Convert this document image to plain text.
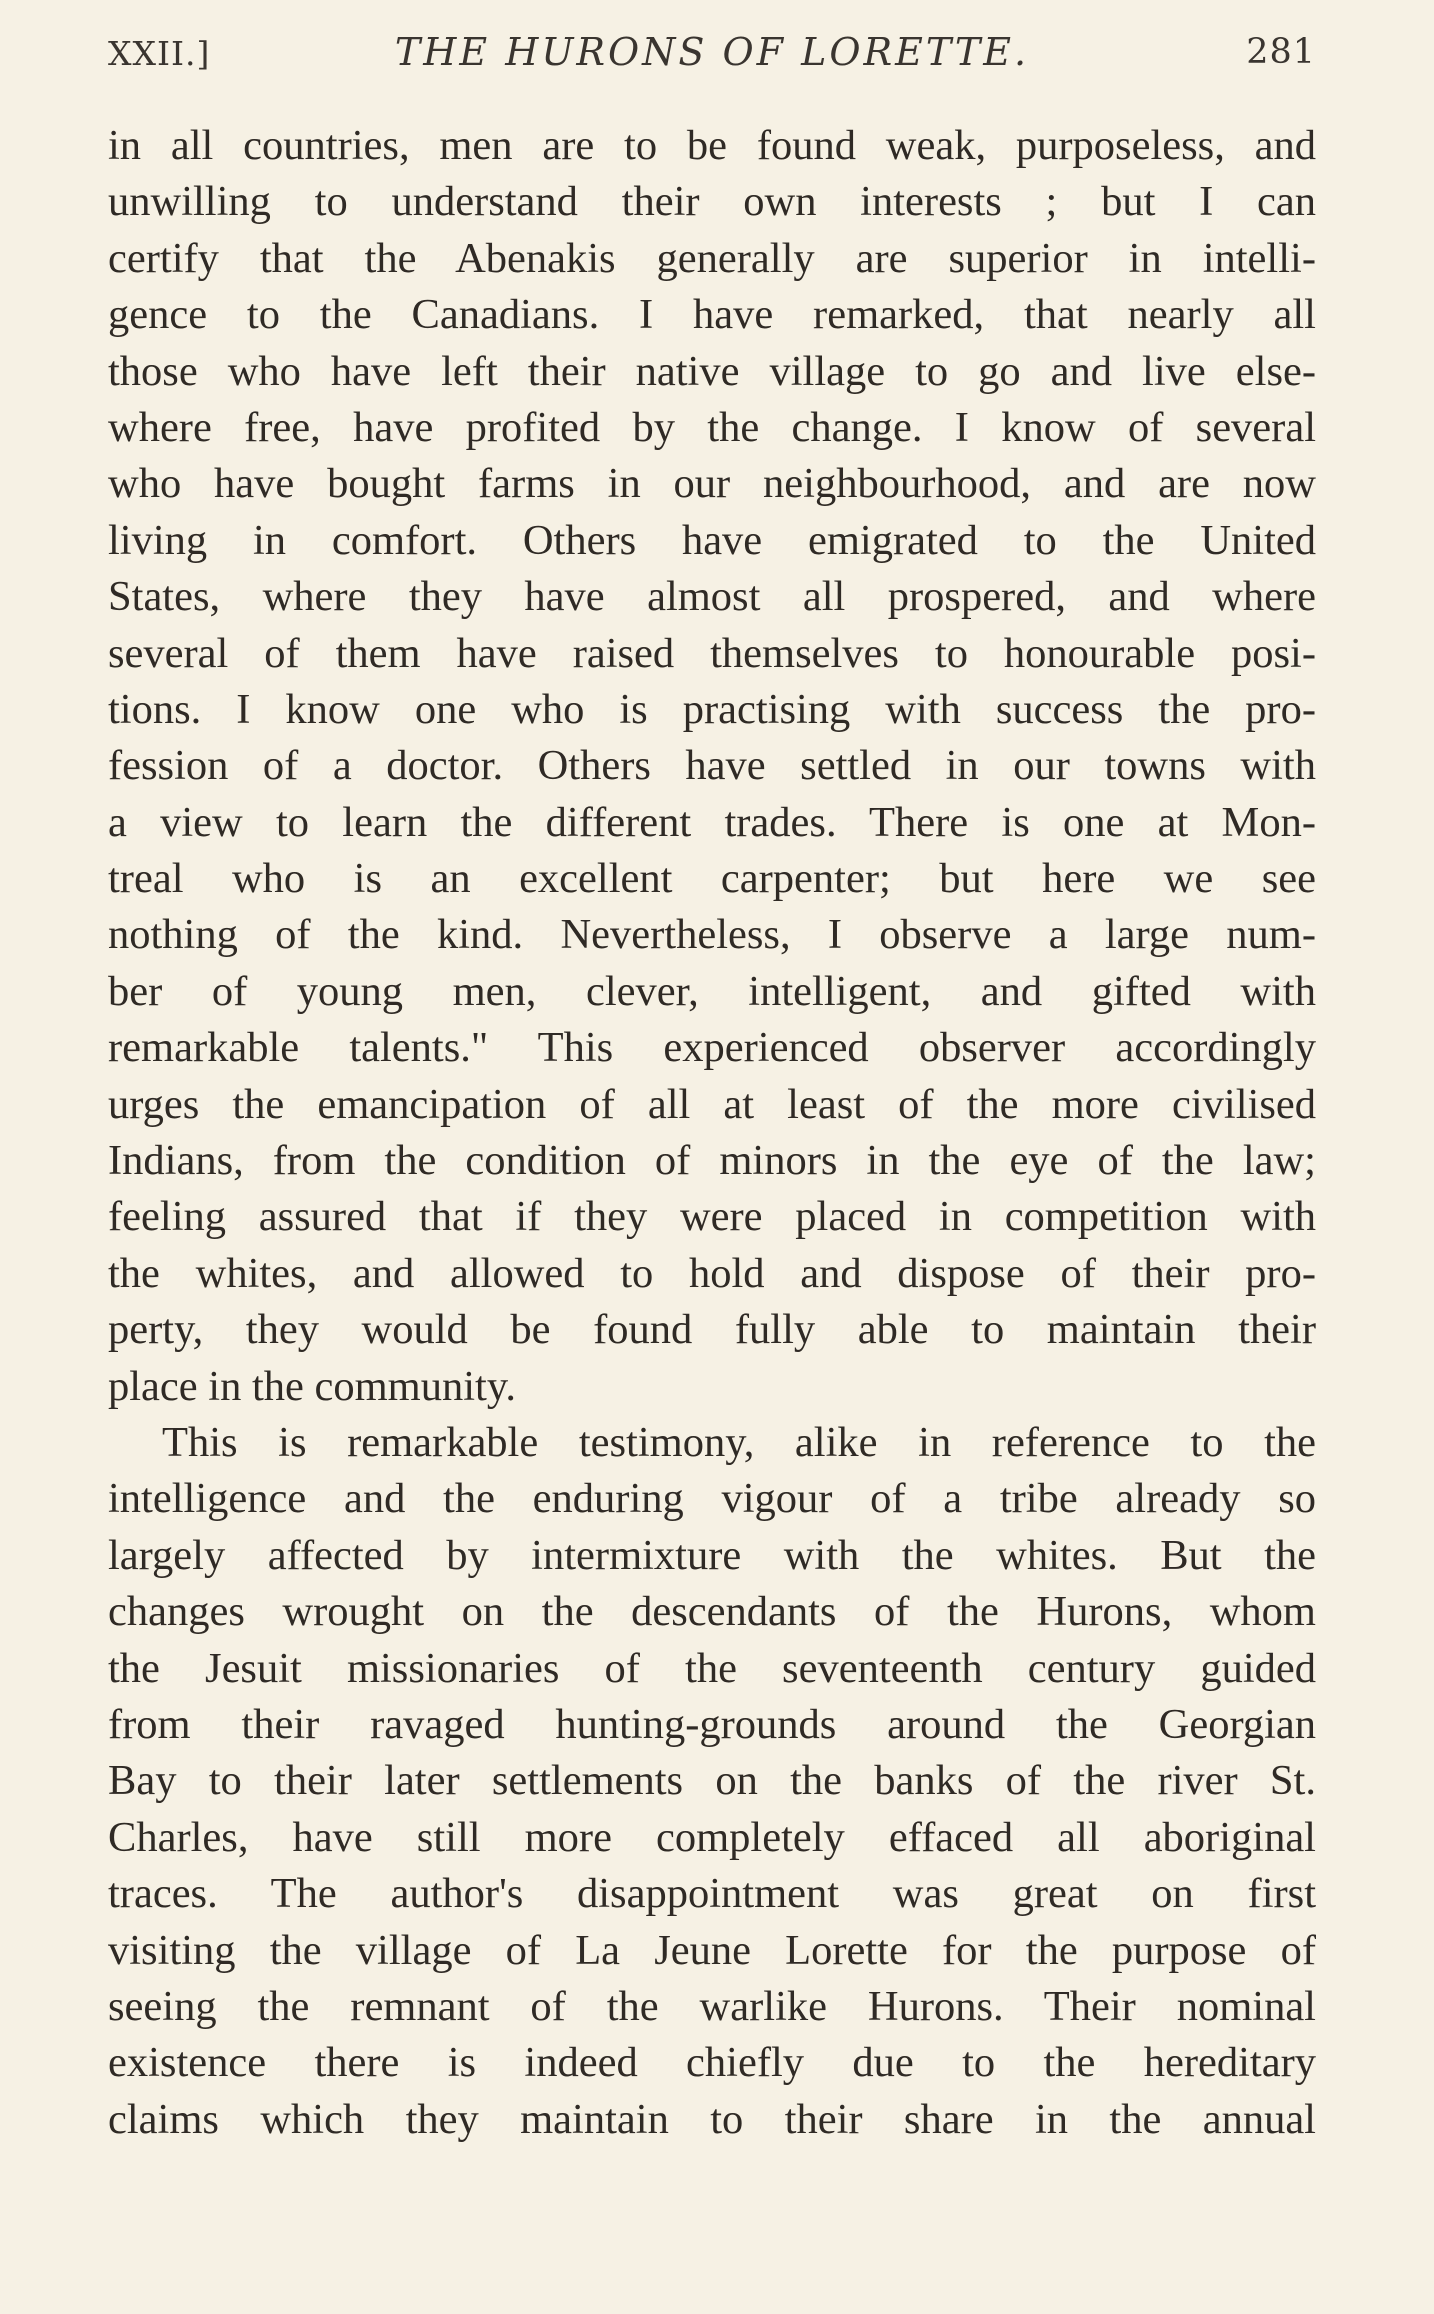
XXII.]	THE HURONS OF LORETTE.	281
in all countries, men are to be found weak, purposeless, and
unwilling to understand their own interests ; but I can
certify that the Abenakis generally are superior in intelli-
gence to the Canadians. I have remarked, that nearly all
those who have left their native village to go and live else-
where free, have profited by the change. I know of several
who have bought farms in our neighbourhood, and are now
living in comfort. Others have emigrated to the United
States, where they have almost all prospered, and where
several of them have raised themselves to honourable posi-
tions. I know one who is practising with success the pro-
fession of a doctor. Others have settled in our towns with
a view to learn the different trades. There is one at Mon-
treal who is an excellent carpenter; but here we see
nothing of the kind. Nevertheless, I observe a large num-
ber of young men, clever, intelligent, and gifted with
remarkable talents." This experienced observer accordingly
urges the emancipation of all at least of the more civilised
Indians, from the condition of minors in the eye of the law;
feeling assured that if they were placed in competition with
the whites, and allowed to hold and dispose of their pro-
perty, they would be found fully able to maintain their
place in the community.
This is remarkable testimony, alike in reference to the
intelligence and the enduring vigour of a tribe already so
largely affected by intermixture with the whites. But the
changes wrought on the descendants of the Hurons, whom
the Jesuit missionaries of the seventeenth century guided
from their ravaged hunting-grounds around the Georgian
Bay to their later settlements on the banks of the river St.
Charles, have still more completely effaced all aboriginal
traces. The author's disappointment was great on first
visiting the village of La Jeune Lorette for the purpose of
seeing the remnant of the warlike Hurons. Their nominal
existence there is indeed chiefly due to the hereditary
claims which they maintain to their share in the annual
